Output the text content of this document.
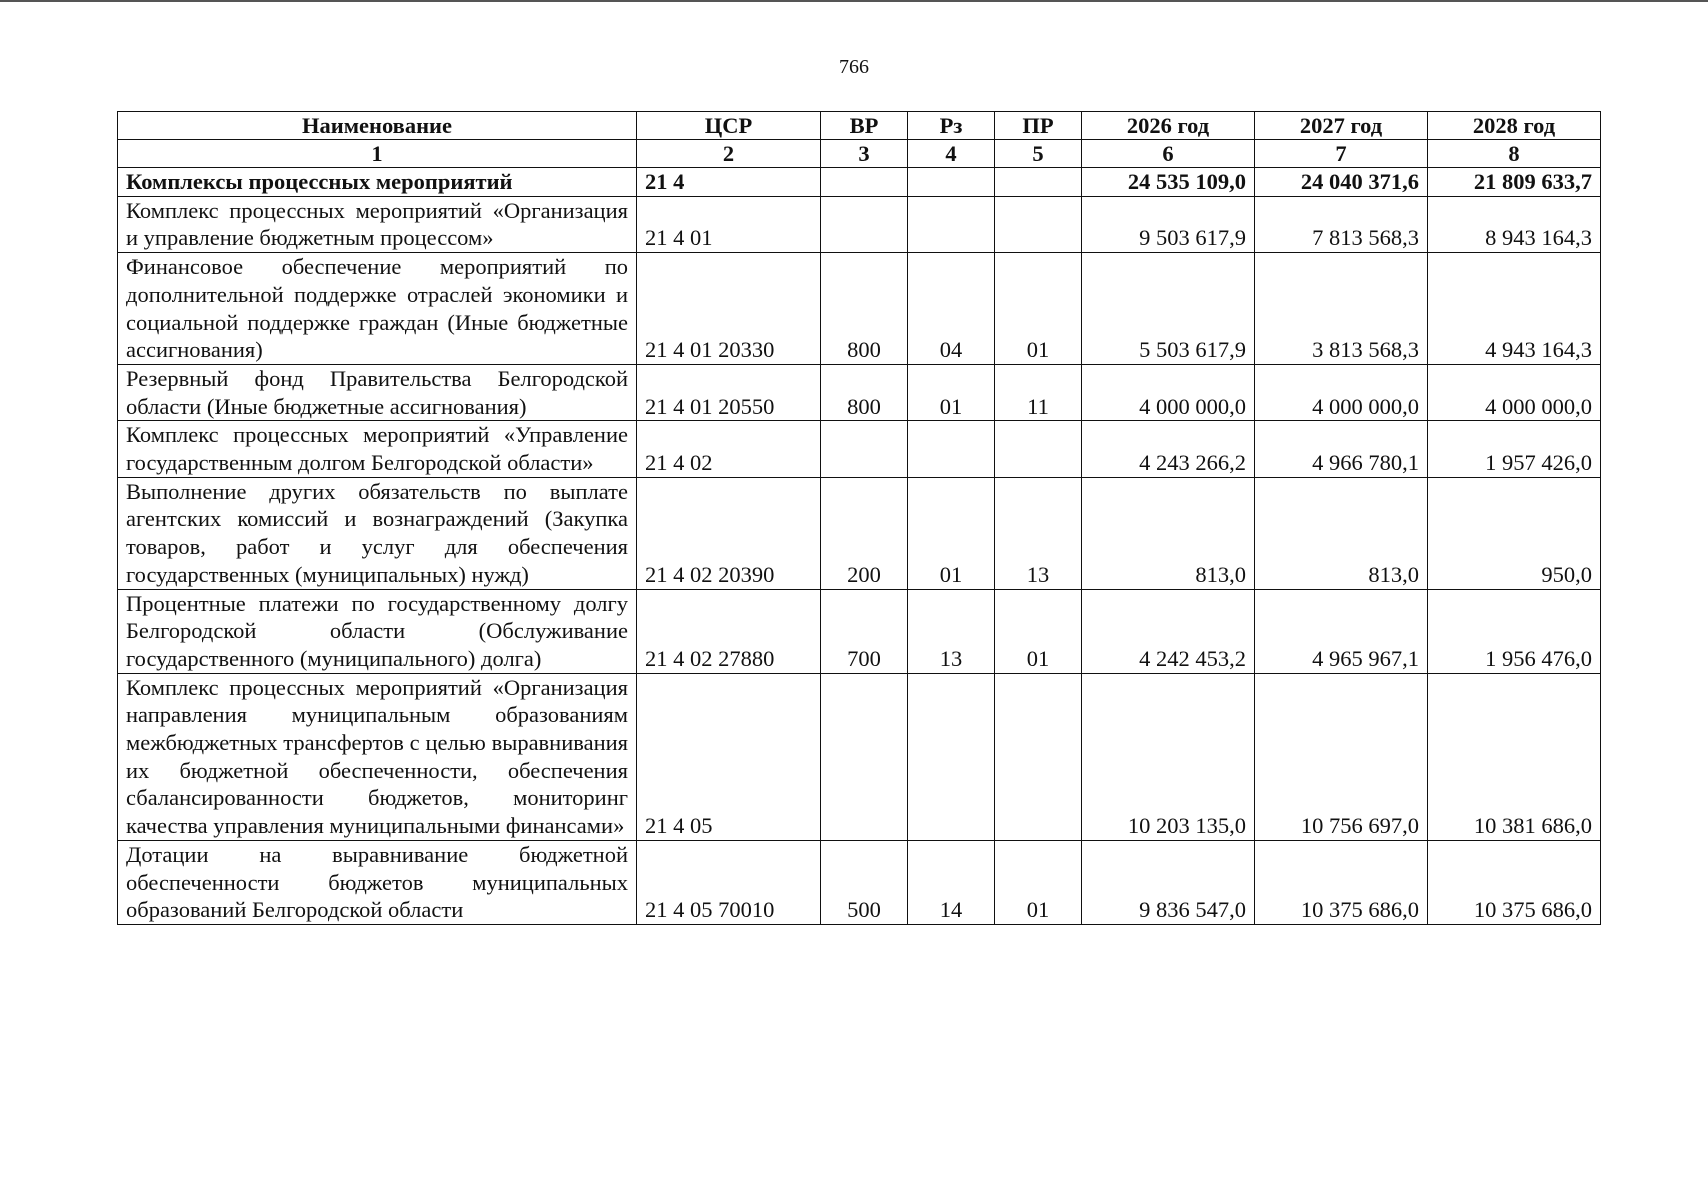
766
Наименование	ЦСР	ВР	Рз	ПР	2026 год	2027 год	2028 год
1	2	3	4	5	6	7	8
Комплексы процессных мероприятий	21 4				24 535 109,0	24 040 371,6	21 809 633,7
Комплекс процессных мероприятий «Организация и управление бюджетным процессом»	21 4 01				9 503 617,9	7 813 568,3	8 943 164,3
Финансовое обеспечение мероприятий по дополнительной поддержке отраслей экономики и социальной поддержке граждан (Иные бюджетные ассигнования)	21 4 01 20330	800	04	01	5 503 617,9	3 813 568,3	4 943 164,3
Резервный фонд Правительства Белгородской области (Иные бюджетные ассигнования)	21 4 01 20550	800	01	11	4 000 000,0	4 000 000,0	4 000 000,0
Комплекс процессных мероприятий «Управление государственным долгом Белгородской области»	21 4 02				4 243 266,2	4 966 780,1	1 957 426,0
Выполнение других обязательств по выплате агентских комиссий и вознаграждений (Закупка товаров, работ и услуг для обеспечения государственных (муниципальных) нужд)	21 4 02 20390	200	01	13	813,0	813,0	950,0
Процентные платежи по государственному долгу Белгородской области (Обслуживание государственного (муниципального) долга)	21 4 02 27880	700	13	01	4 242 453,2	4 965 967,1	1 956 476,0
Комплекс процессных мероприятий «Организация направления муниципальным образованиям межбюджетных трансфертов с целью выравнивания их бюджетной обеспеченности, обеспечения сбалансированности бюджетов, мониторинг качества управления муниципальными финансами»	21 4 05				10 203 135,0	10 756 697,0	10 381 686,0
Дотации на выравнивание бюджетной обеспеченности бюджетов муниципальных образований Белгородской области	21 4 05 70010	500	14	01	9 836 547,0	10 375 686,0	10 375 686,0
